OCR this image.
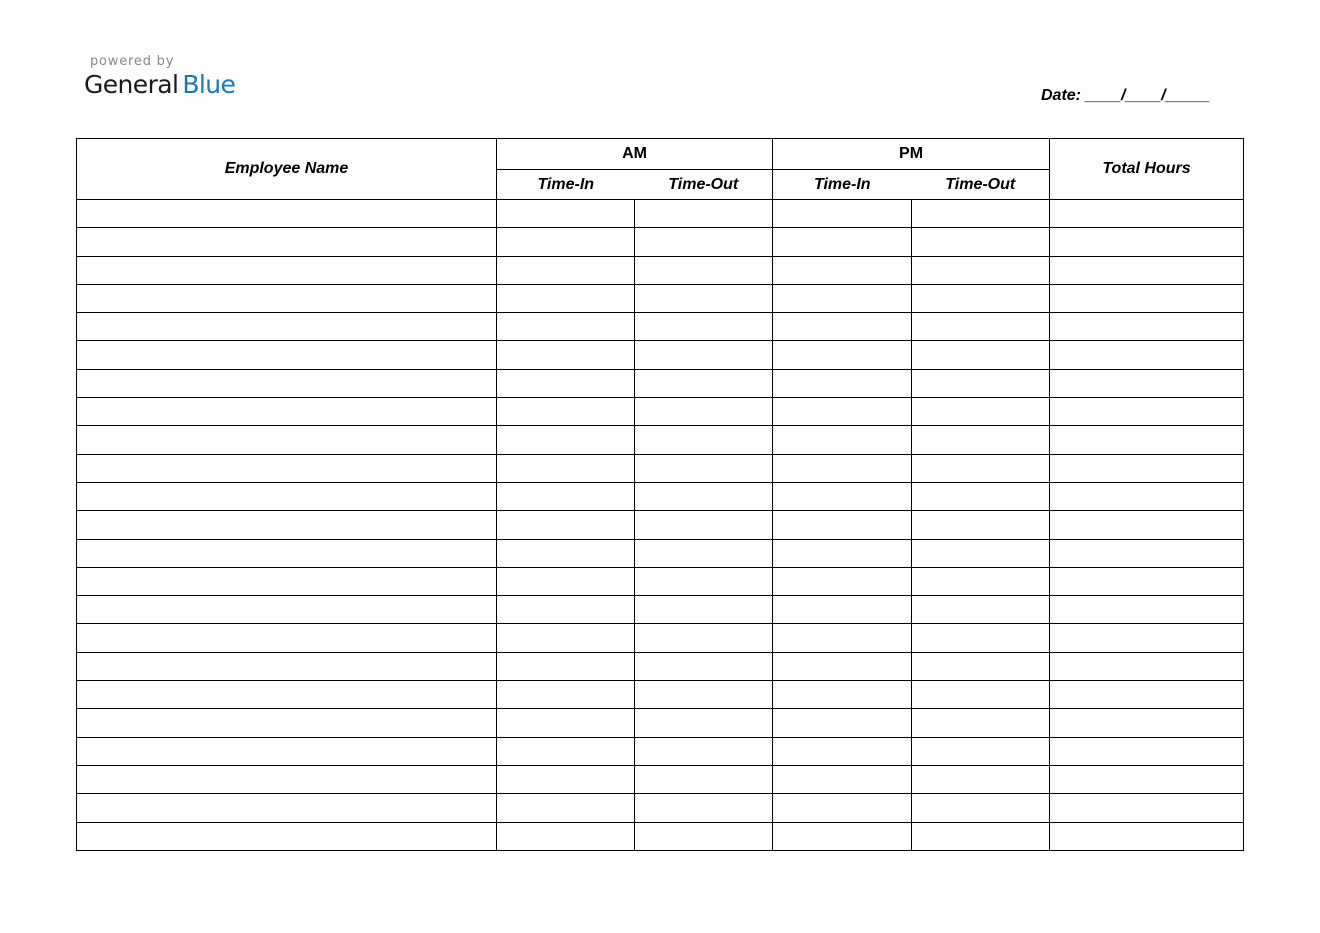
powered by
General Blue	Date: ____/____/_____
Employee Name	AM		PM		Total Hours
	Time-In	Time-Out	Time-In	Time-Out	
